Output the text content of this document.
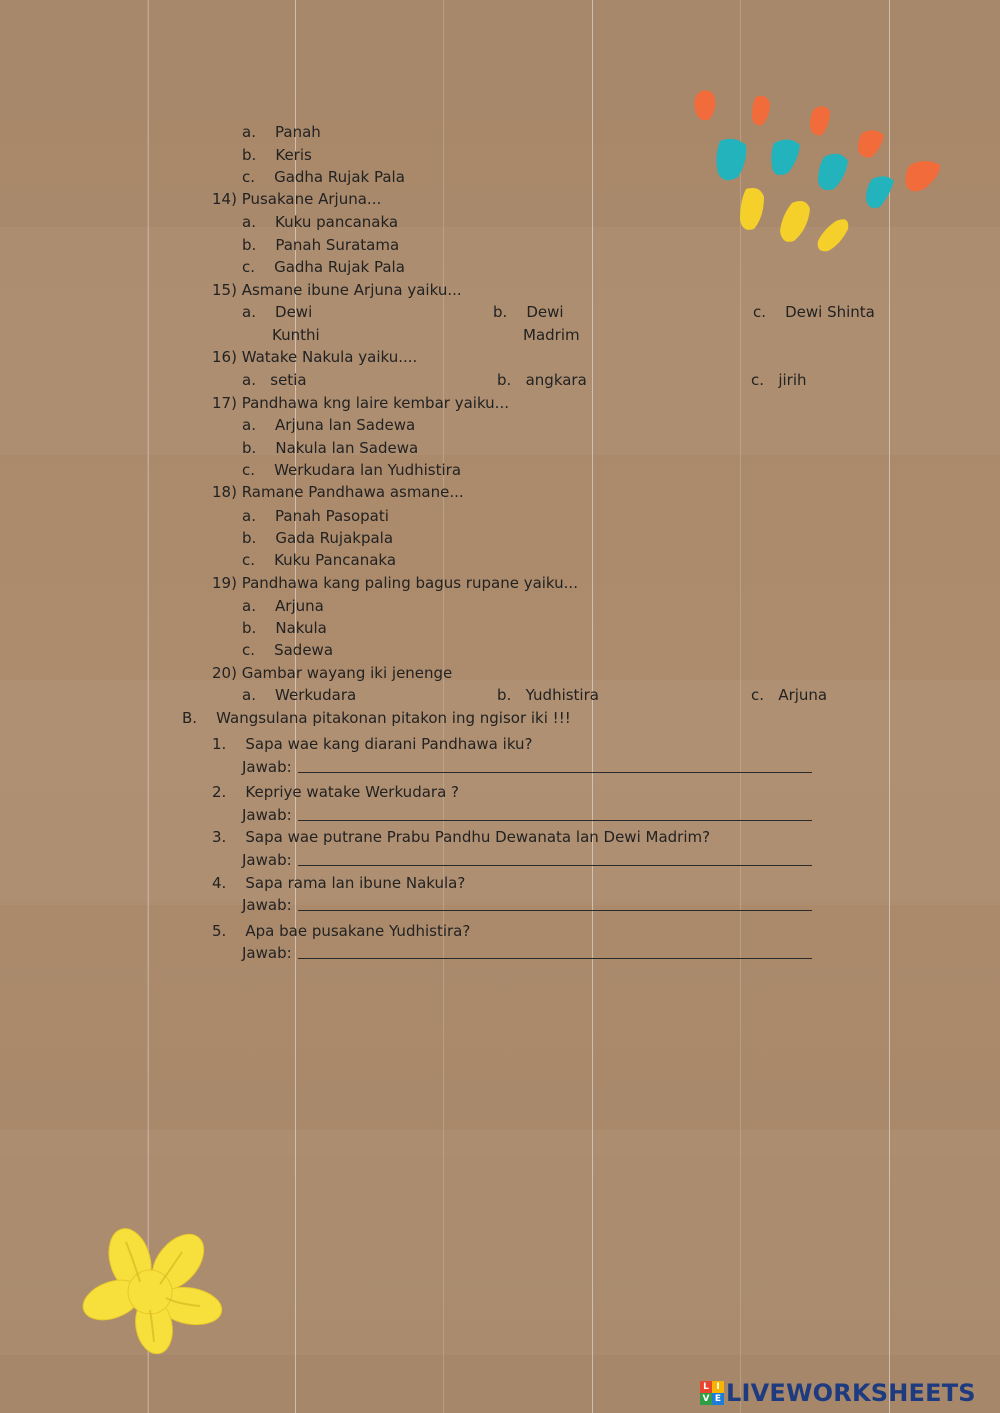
a.    Panah
b.    Keris
c.    Gadha Rujak Pala
14) Pusakane Arjuna...
a.    Kuku pancanaka
b.    Panah Suratama
c.    Gadha Rujak Pala
15) Asmane ibune Arjuna yaiku...
a.    Dewi
Kunthi
b.    Dewi
Madrim
c.    Dewi Shinta
16) Watake Nakula yaiku....
a.   setia	b.   angkara	c.   jirih
17) Pandhawa kng laire kembar yaiku...
a.    Arjuna lan Sadewa
b.    Nakula lan Sadewa
c.    Werkudara lan Yudhistira
18) Ramane Pandhawa asmane...
a.    Panah Pasopati
b.    Gada Rujakpala
c.    Kuku Pancanaka
19) Pandhawa kang paling bagus rupane yaiku...
a.    Arjuna
b.    Nakula
c.    Sadewa
20) Gambar wayang iki jenenge
a.    Werkudara	b.   Yudhistira	c.   Arjuna
B.    Wangsulana pitakonan pitakon ing ngisor iki !!!
1.    Sapa wae kang diarani Pandhawa iku?
Jawab:
2.    Kepriye watake Werkudara ?
Jawab:
3.    Sapa wae putrane Prabu Pandhu Dewanata lan Dewi Madrim?
Jawab:
4.    Sapa rama lan ibune Nakula?
Jawab:
5.    Apa bae pusakane Yudhistira?
Jawab:
L I
V E LIVEWORKSHEETS
